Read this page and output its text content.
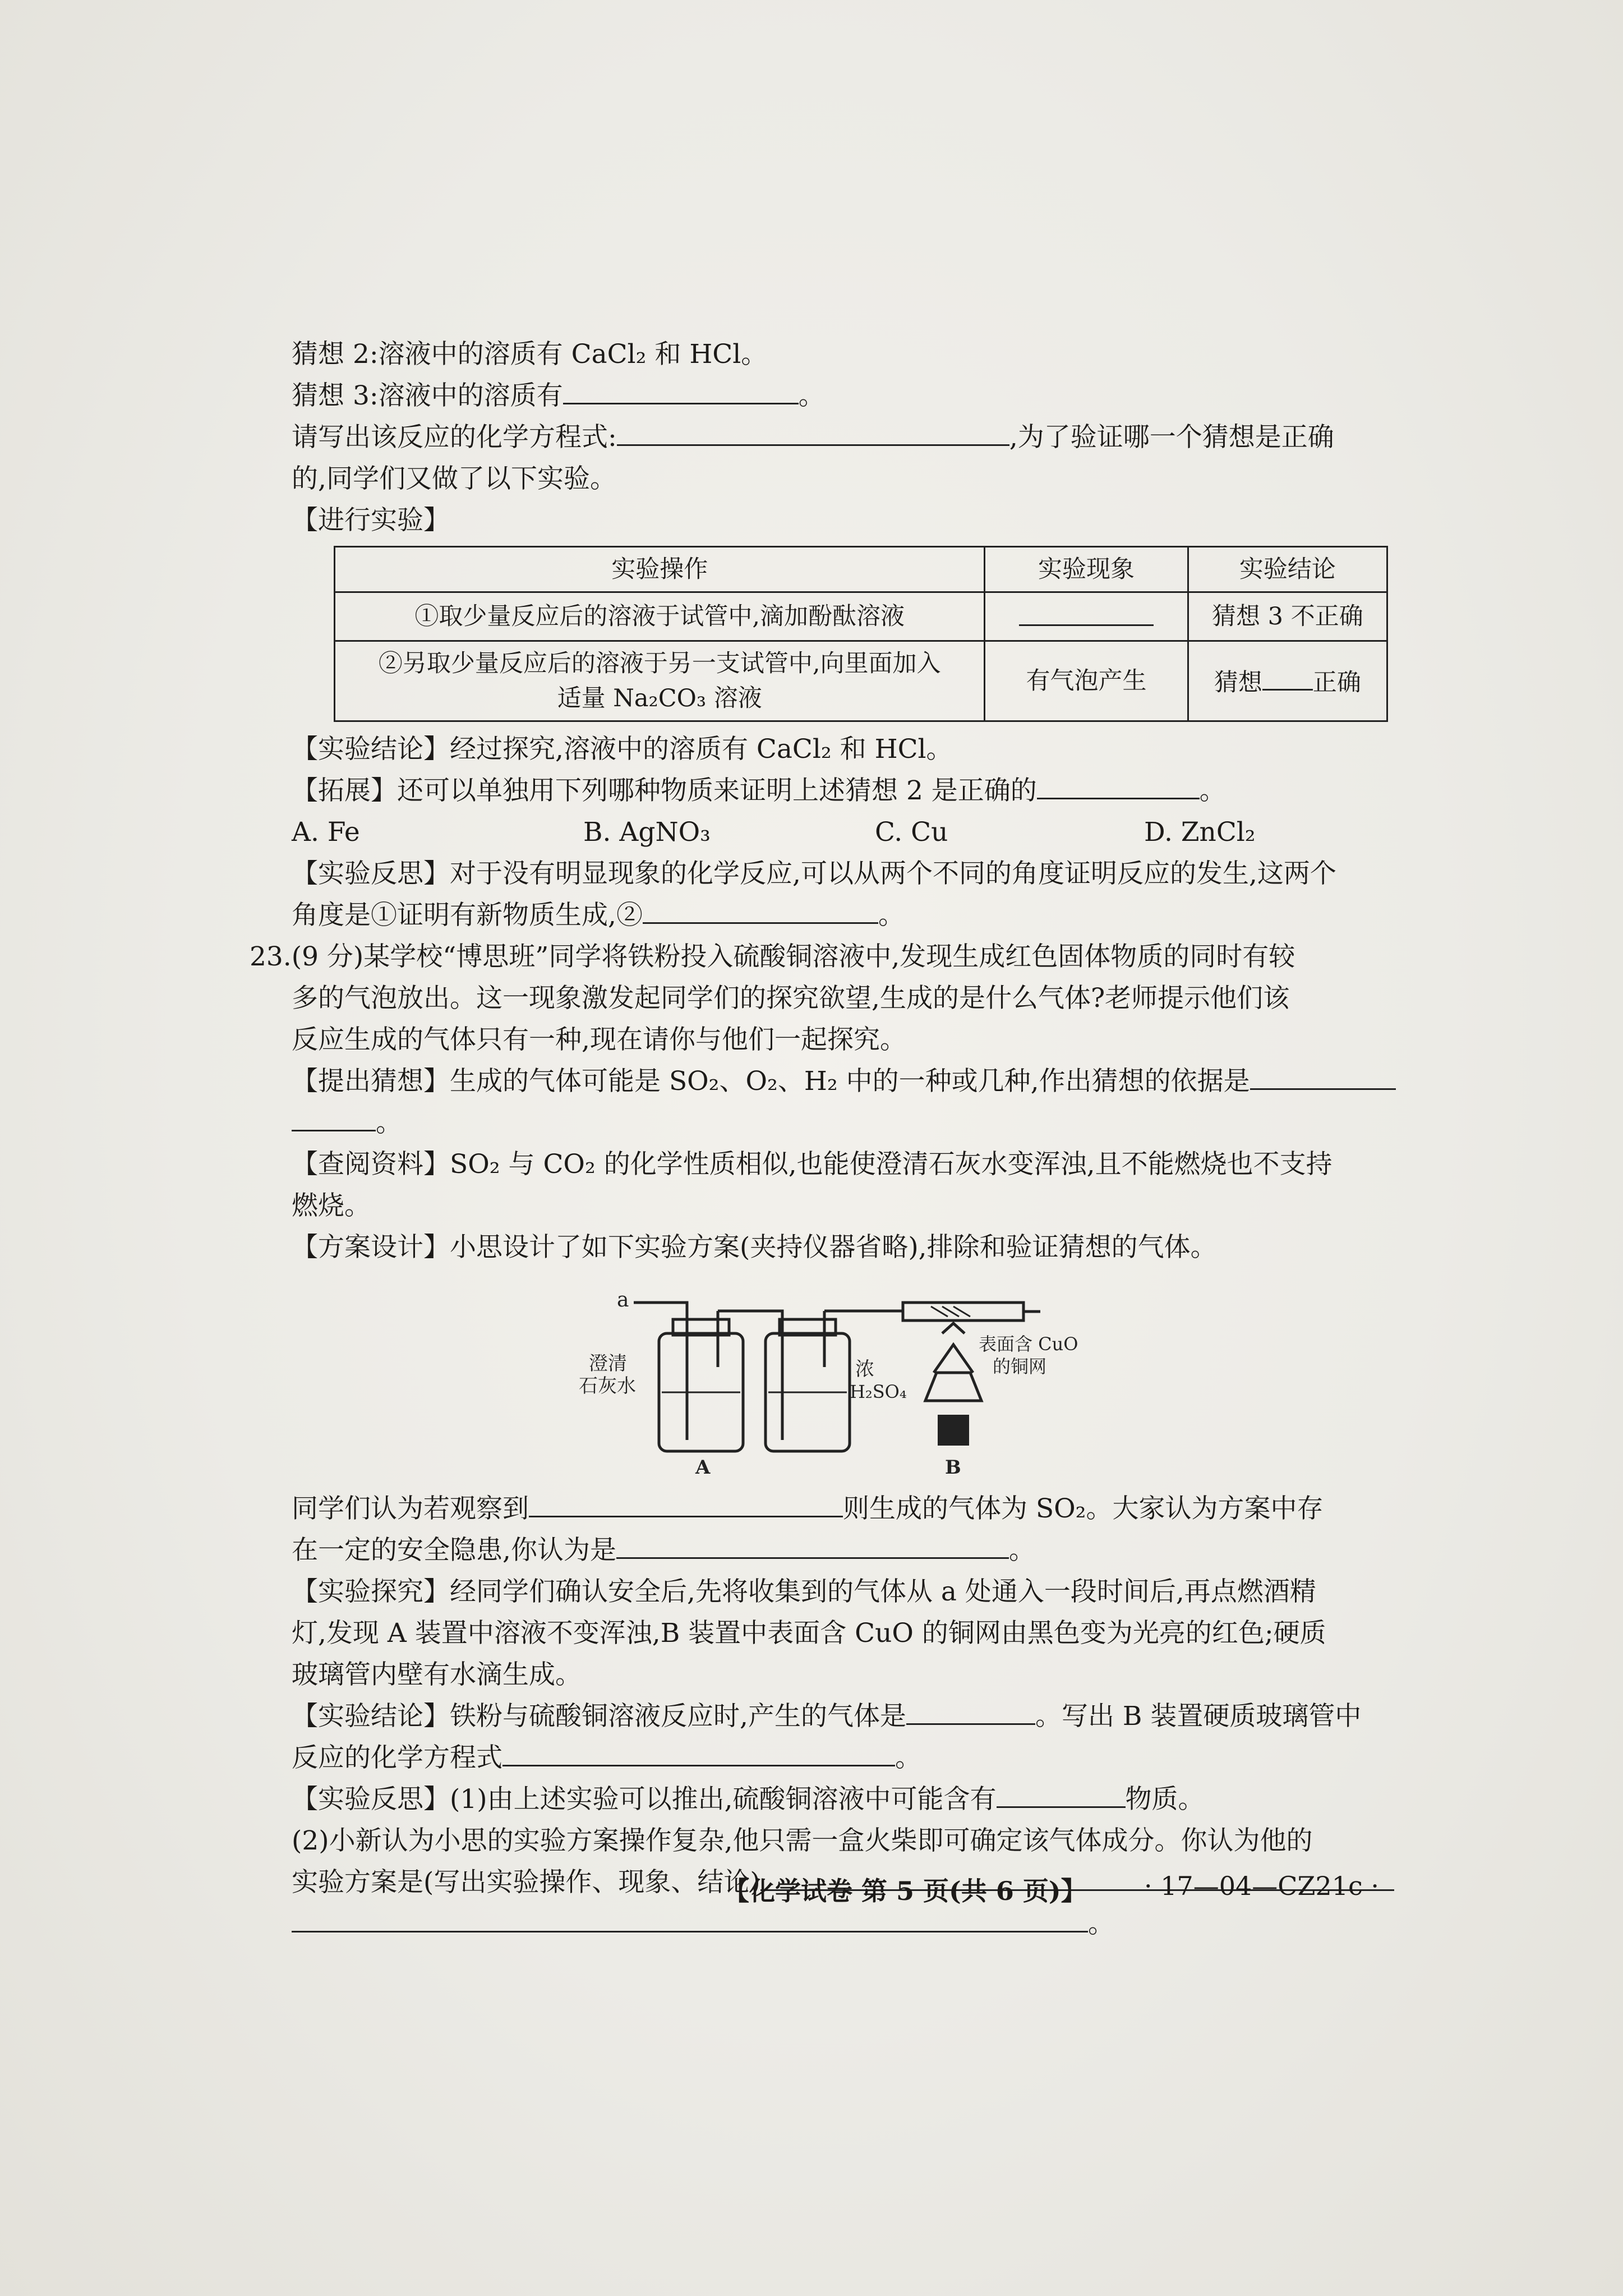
猜想 2:溶液中的溶质有 CaCl₂ 和 HCl。
猜想 3:溶液中的溶质有	。
请写出该反应的化学方程式:	,为了验证哪一个猜想是正确
的,同学们又做了以下实验。
【进行实验】
实验操作	实验现象	实验结论
①取少量反应后的溶液于试管中,滴加酚酞溶液		猜想 3 不正确

②另取少量反应后的溶液于另一支试管中,向里面加入
适量 Na₂CO₃ 溶液	有气泡产生	猜想 正确
【实验结论】经过探究,溶液中的溶质有 CaCl₂ 和 HCl。
【拓展】还可以单独用下列哪种物质来证明上述猜想 2 是正确的	。
A. Fe	B. AgNO₃	C. Cu	D. ZnCl₂
【实验反思】对于没有明显现象的化学反应,可以从两个不同的角度证明反应的发生,这两个
角度是①证明有新物质生成,②	。
23.(9 分)某学校“博思班”同学将铁粉投入硫酸铜溶液中,发现生成红色固体物质的同时有较
多的气泡放出。这一现象激发起同学们的探究欲望,生成的是什么气体?老师提示他们该
反应生成的气体只有一种,现在请你与他们一起探究。
【提出猜想】生成的气体可能是 SO₂、O₂、H₂ 中的一种或几种,作出猜想的依据是
。
【查阅资料】SO₂ 与 CO₂ 的化学性质相似,也能使澄清石灰水变浑浊,且不能燃烧也不支持
燃烧。
【方案设计】小思设计了如下实验方案(夹持仪器省略),排除和验证猜想的气体。
a
澄清
石灰水
浓
H₂SO₄
表面含 CuO
的铜网
A	B
同学们认为若观察到	则生成的气体为 SO₂。大家认为方案中存
在一定的安全隐患,你认为是	。
【实验探究】经同学们确认安全后,先将收集到的气体从 a 处通入一段时间后,再点燃酒精
灯,发现 A 装置中溶液不变浑浊,B 装置中表面含 CuO 的铜网由黑色变为光亮的红色;硬质
玻璃管内壁有水滴生成。
【实验结论】铁粉与硫酸铜溶液反应时,产生的气体是	。写出 B 装置硬质玻璃管中
反应的化学方程式	。
【实验反思】(1)由上述实验可以推出,硫酸铜溶液中可能含有	物质。
(2)小新认为小思的实验方案操作复杂,他只需一盒火柴即可确定该气体成分。你认为他的
实验方案是(写出实验操作、现象、结论)
。
【化学试卷 第 5 页(共 6 页)】 · 17—04—CZ21c ·
